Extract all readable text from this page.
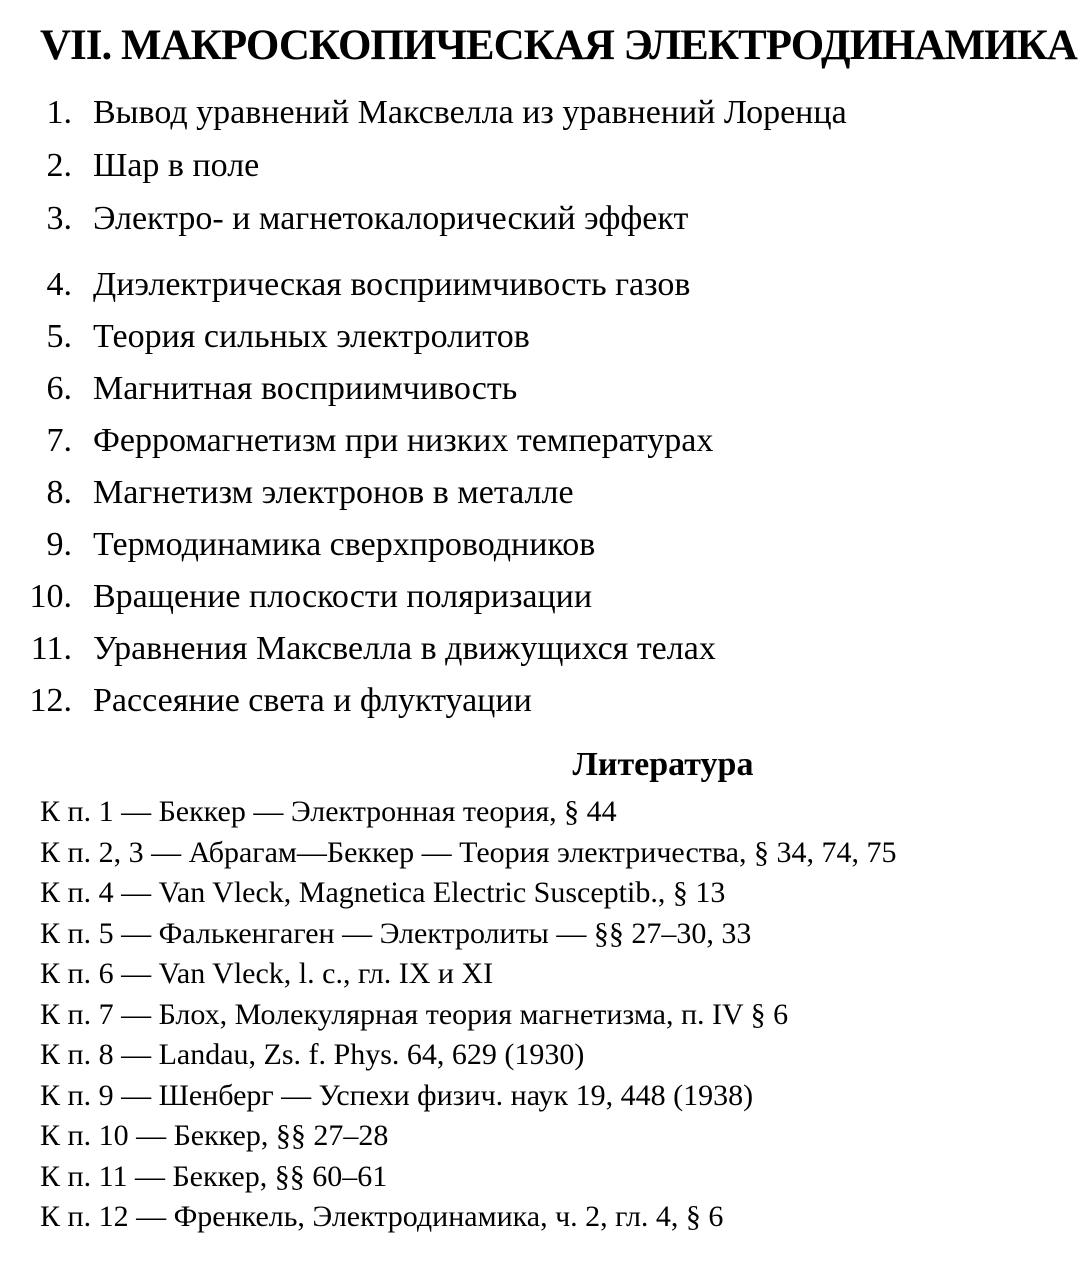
VII. МАКРОСКОПИЧЕСКАЯ ЭЛЕКТРОДИНАМИКА
1. Вывод уравнений Максвелла из уравнений Лоренца
2. Шар в поле
3. Электро- и магнетокалорический эффект
4. Диэлектрическая восприимчивость газов
5. Теория сильных электролитов
6. Магнитная восприимчивость
7. Ферромагнетизм при низких температурах
8. Магнетизм электронов в металле
9. Термодинамика сверхпроводников
10. Вращение плоскости поляризации
11. Уравнения Максвелла в движущихся телах
12. Рассеяние света и флуктуации
Литература
К п. 1 — Беккер — Электронная теория, § 44
К п. 2, 3 — Абрагам—Беккер — Теория электричества, § 34, 74, 75
К п. 4 — Van Vleck, Magnetica Electric Susceptib., § 13
К п. 5 — Фалькенгаген — Электролиты — §§ 27–30, 33
К п. 6 — Van Vleck, l. c., гл. IX и XI
К п. 7 — Блох, Молекулярная теория магнетизма, п. IV § 6
К п. 8 — Landau, Zs. f. Phys. 64, 629 (1930)
К п. 9 — Шенберг — Успехи физич. наук 19, 448 (1938)
К п. 10 — Беккер, §§ 27–28
К п. 11 — Беккер, §§ 60–61
К п. 12 — Френкель, Электродинамика, ч. 2, гл. 4, § 6
